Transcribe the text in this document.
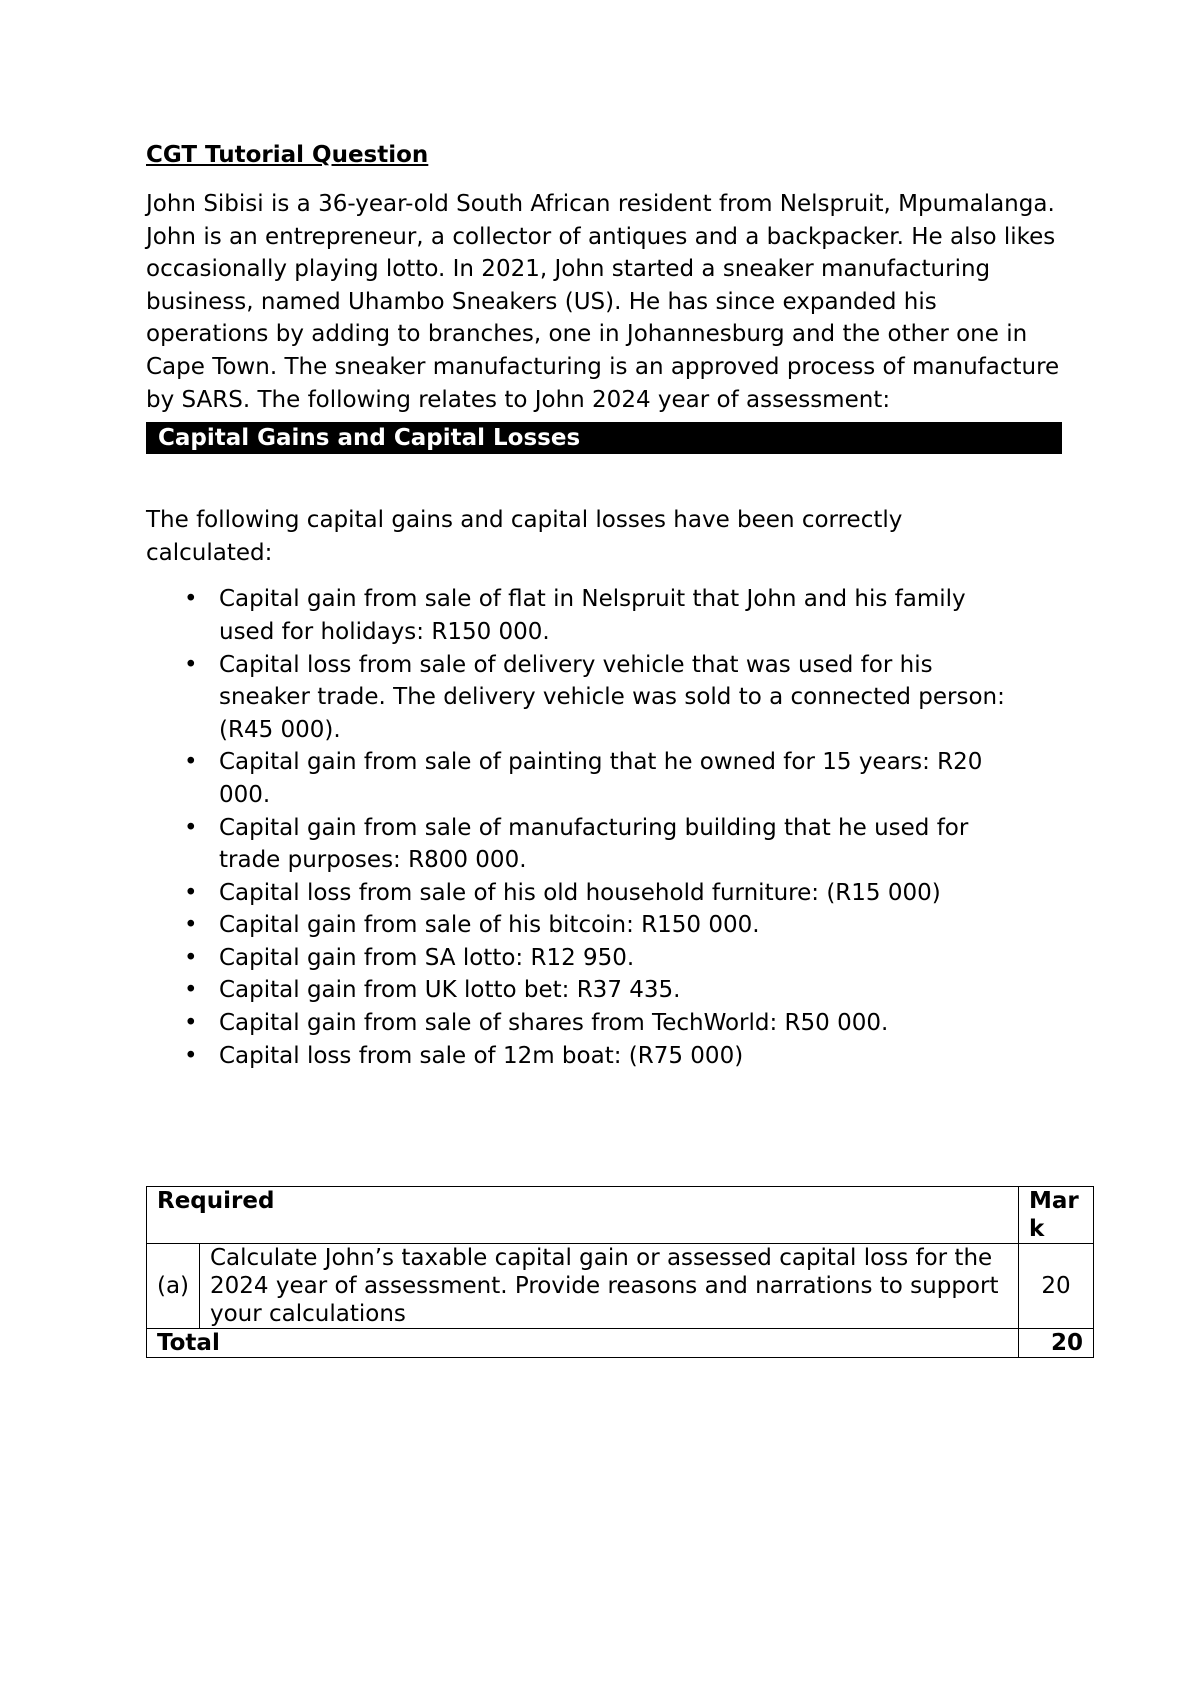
CGT Tutorial Question

John Sibisi is a 36-year-old South African resident from Nelspruit, Mpumalanga. John is an entrepreneur, a collector of antiques and a backpacker. He also likes occasionally playing lotto. In 2021, John started a sneaker manufacturing business, named Uhambo Sneakers (US). He has since expanded his operations by adding to branches, one in Johannesburg and the other one in Cape Town. The sneaker manufacturing is an approved process of manufacture by SARS. The following relates to John 2024 year of assessment:

Capital Gains and Capital Losses

The following capital gains and capital losses have been correctly calculated:

• Capital gain from sale of flat in Nelspruit that John and his family used for holidays: R150 000.
• Capital loss from sale of delivery vehicle that was used for his sneaker trade. The delivery vehicle was sold to a connected person: (R45 000).
• Capital gain from sale of painting that he owned for 15 years: R20 000.
• Capital gain from sale of manufacturing building that he used for trade purposes: R800 000.
• Capital loss from sale of his old household furniture: (R15 000)
• Capital gain from sale of his bitcoin: R150 000.
• Capital gain from SA lotto: R12 950.
• Capital gain from UK lotto bet: R37 435.
• Capital gain from sale of shares from TechWorld: R50 000.
• Capital loss from sale of 12m boat: (R75 000)
Required		Mark
(a)	Calculate John’s taxable capital gain or assessed capital loss for the 2024 year of assessment. Provide reasons and narrations to support your calculations	20
Total		20
